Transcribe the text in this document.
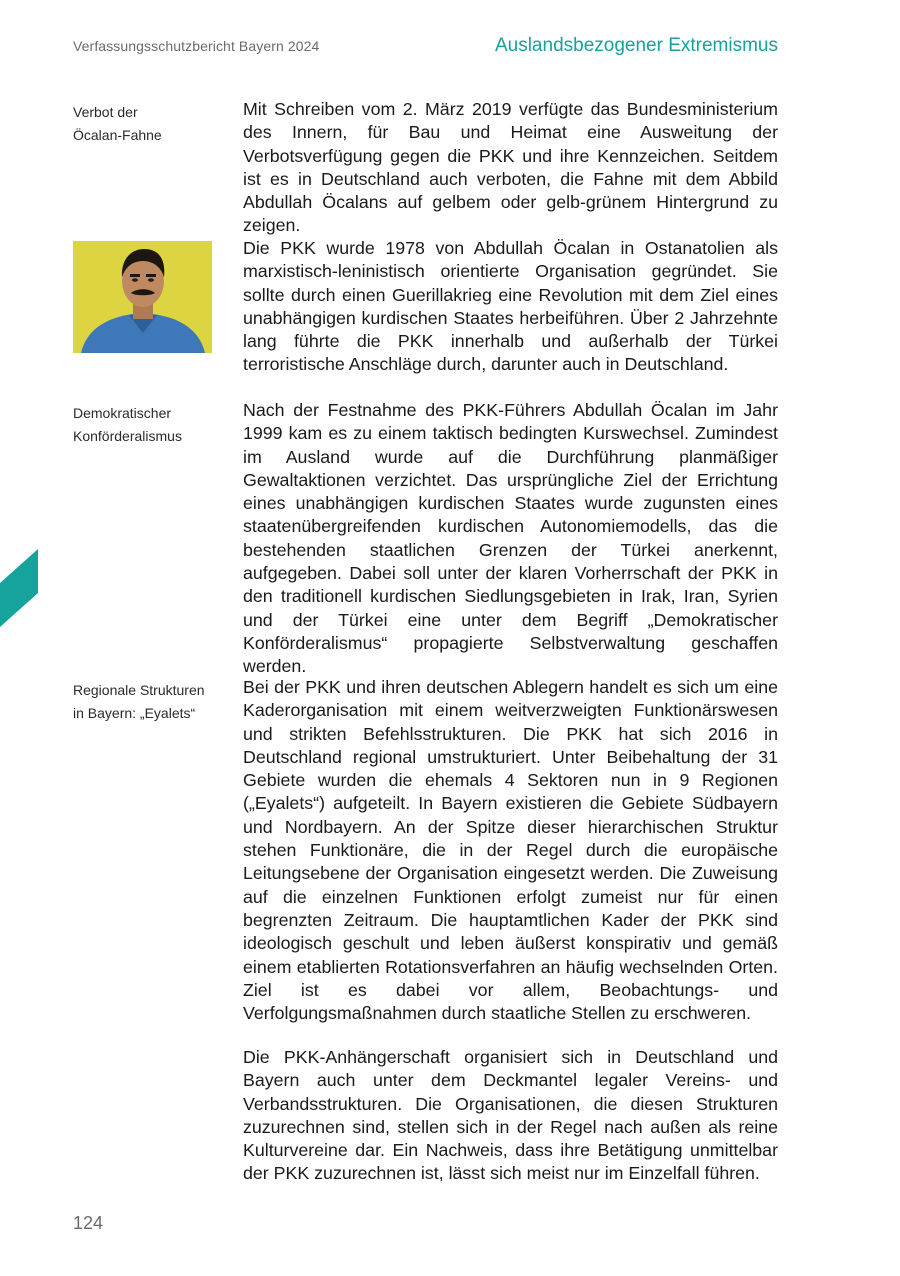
Verfassungsschutzbericht Bayern 2024	Auslandsbezogener Extremismus
Verbot der
Öcalan-Fahne
Demokratischer
Konförderalismus
Regionale Strukturen
in Bayern: „Eyalets“

Mit Schreiben vom 2. März 2019 verfügte das Bundesministerium des Innern, für Bau und Heimat eine Ausweitung der Verbotsverfügung gegen die PKK und ihre Kennzeichen. Seitdem ist es in Deutschland auch verboten, die Fahne mit dem Abbild Abdullah Öcalans auf gelbem oder gelb-grünem Hintergrund zu zeigen.

Die PKK wurde 1978 von Abdullah Öcalan in Ostanatolien als marxistisch-leninistisch orientierte Organisation gegründet. Sie sollte durch einen Guerillakrieg eine Revolution mit dem Ziel eines unabhängigen kurdischen Staates herbeiführen. Über 2 Jahrzehnte lang führte die PKK innerhalb und außerhalb der Türkei terroristische Anschläge durch, darunter auch in Deutschland.

Nach der Festnahme des PKK-Führers Abdullah Öcalan im Jahr 1999 kam es zu einem taktisch bedingten Kurswechsel. Zumindest im Ausland wurde auf die Durchführung planmäßiger Gewaltaktionen verzichtet. Das ursprüngliche Ziel der Errichtung eines unabhängigen kurdischen Staates wurde zugunsten eines staatenübergreifenden kurdischen Autonomiemodells, das die bestehenden staatlichen Grenzen der Türkei anerkennt, aufgegeben. Dabei soll unter der klaren Vorherrschaft der PKK in den traditionell kurdischen Siedlungsgebieten in Irak, Iran, Syrien und der Türkei eine unter dem Begriff „Demokratischer Konförderalismus“ propagierte Selbstverwaltung geschaffen werden.

Bei der PKK und ihren deutschen Ablegern handelt es sich um eine Kaderorganisation mit einem weitverzweigten Funktionärswesen und strikten Befehlsstrukturen. Die PKK hat sich 2016 in Deutschland regional umstrukturiert. Unter Beibehaltung der 31 Gebiete wurden die ehemals 4 Sektoren nun in 9 Regionen („Eyalets“) aufgeteilt. In Bayern existieren die Gebiete Südbayern und Nordbayern. An der Spitze dieser hierarchischen Struktur stehen Funktionäre, die in der Regel durch die europäische Leitungsebene der Organisation eingesetzt werden. Die Zuweisung auf die einzelnen Funktionen erfolgt zumeist nur für einen begrenzten Zeitraum. Die hauptamtlichen Kader der PKK sind ideologisch geschult und leben äußerst konspirativ und gemäß einem etablierten Rotationsverfahren an häufig wechselnden Orten. Ziel ist es dabei vor allem, Beobachtungs- und Verfolgungsmaßnahmen durch staatliche Stellen zu erschweren.

Die PKK-Anhängerschaft organisiert sich in Deutschland und Bayern auch unter dem Deckmantel legaler Vereins- und Verbandsstrukturen. Die Organisationen, die diesen Strukturen zuzurechnen sind, stellen sich in der Regel nach außen als reine Kulturvereine dar. Ein Nachweis, dass ihre Betätigung unmittelbar der PKK zuzurechnen ist, lässt sich meist nur im Einzelfall führen.

124
